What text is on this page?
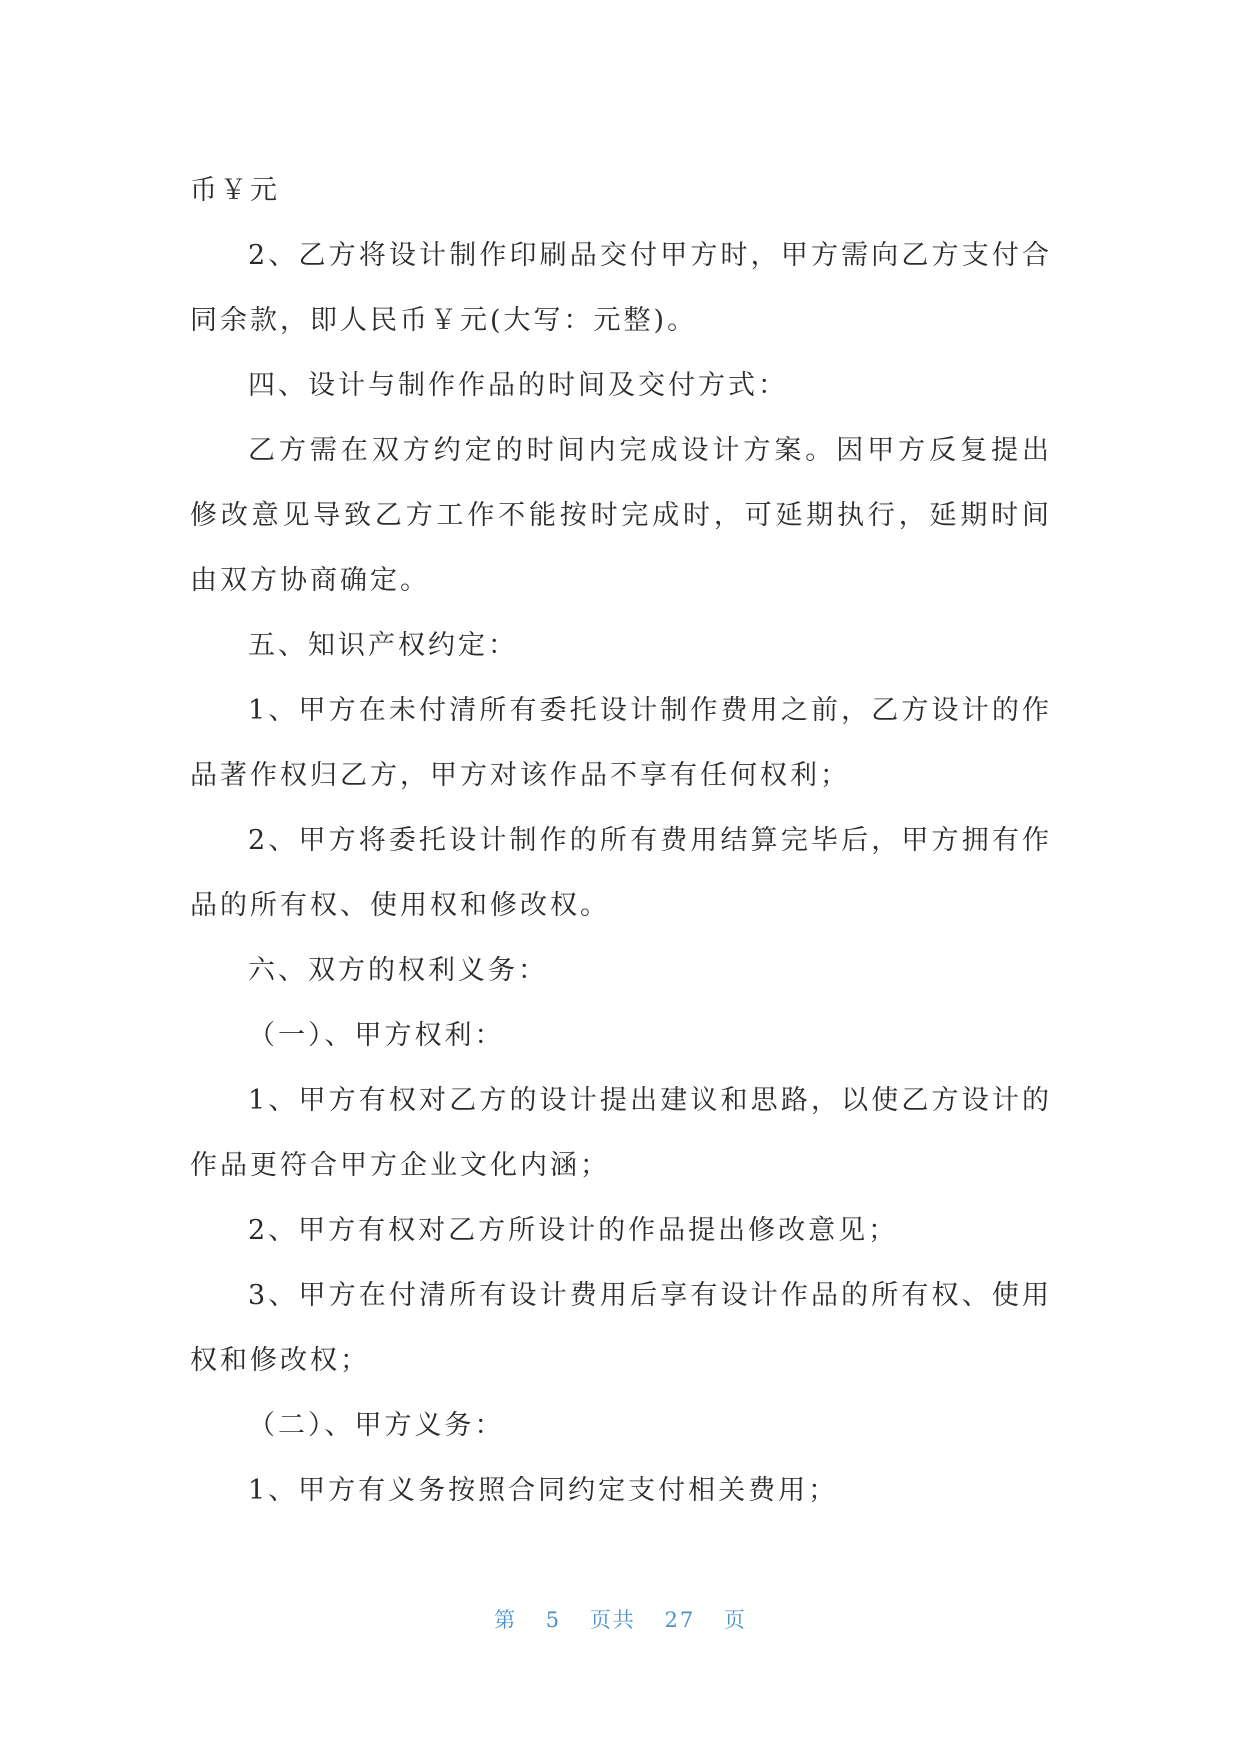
币￥元

2、乙方将设计制作印刷品交付甲方时，甲方需向乙方支付合同余款，即人民币￥元(大写：元整)。

四、设计与制作作品的时间及交付方式：

乙方需在双方约定的时间内完成设计方案。因甲方反复提出修改意见导致乙方工作不能按时完成时，可延期执行，延期时间由双方协商确定。

五、知识产权约定：

1、甲方在未付清所有委托设计制作费用之前，乙方设计的作品著作权归乙方，甲方对该作品不享有任何权利；

2、甲方将委托设计制作的所有费用结算完毕后，甲方拥有作品的所有权、使用权和修改权。

六、双方的权利义务：

（一）、甲方权利：

1、甲方有权对乙方的设计提出建议和思路，以使乙方设计的作品更符合甲方企业文化内涵；

2、甲方有权对乙方所设计的作品提出修改意见；

3、甲方在付清所有设计费用后享有设计作品的所有权、使用权和修改权；

（二）、甲方义务：

1、甲方有义务按照合同约定支付相关费用；

第 5 页共 27 页
